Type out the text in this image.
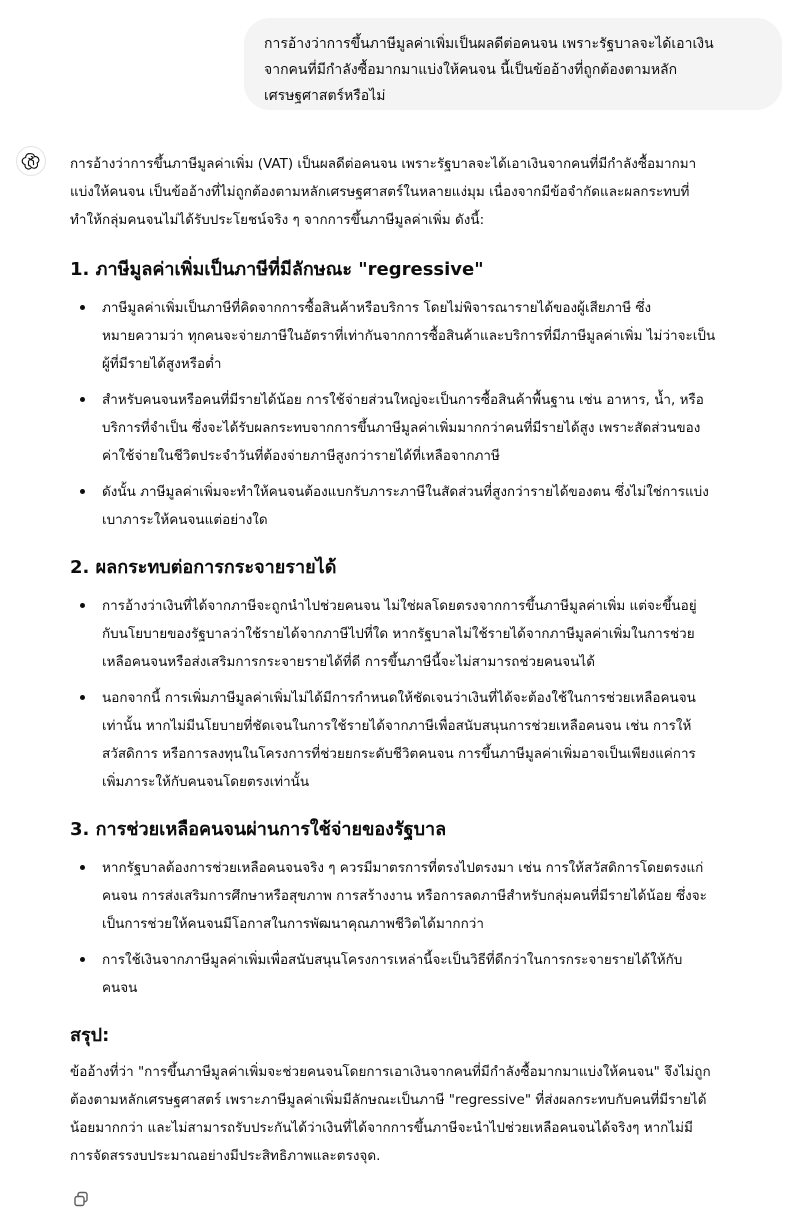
การอ้างว่าการขึ้นภาษีมูลค่าเพิ่มเป็นผลดีต่อคนจน เพราะรัฐบาลจะได้เอาเงิน

จากคนที่มีกำลังซื้อมากมาแบ่งให้คนจน นี้เป็นข้ออ้างที่ถูกต้องตามหลัก

เศรษฐศาสตร์หรือไม่

การอ้างว่าการขึ้นภาษีมูลค่าเพิ่ม (VAT) เป็นผลดีต่อคนจน เพราะรัฐบาลจะได้เอาเงินจากคนที่มีกำลังซื้อมากมา
แบ่งให้คนจน เป็นข้ออ้างที่ไม่ถูกต้องตามหลักเศรษฐศาสตร์ในหลายแง่มุม เนื่องจากมีข้อจำกัดและผลกระทบที่
ทำให้กลุ่มคนจนไม่ได้รับประโยชน์จริง ๆ จากการขึ้นภาษีมูลค่าเพิ่ม ดังนี้:

1. ภาษีมูลค่าเพิ่มเป็นภาษีที่มีลักษณะ "regressive"
ภาษีมูลค่าเพิ่มเป็นภาษีที่คิดจากการซื้อสินค้าหรือบริการ โดยไม่พิจารณารายได้ของผู้เสียภาษี ซึ่ง
หมายความว่า ทุกคนจะจ่ายภาษีในอัตราที่เท่ากันจากการซื้อสินค้าและบริการที่มีภาษีมูลค่าเพิ่ม ไม่ว่าจะเป็น
ผู้ที่มีรายได้สูงหรือต่ำ
สำหรับคนจนหรือคนที่มีรายได้น้อย การใช้จ่ายส่วนใหญ่จะเป็นการซื้อสินค้าพื้นฐาน เช่น อาหาร, น้ำ, หรือ
บริการที่จำเป็น ซึ่งจะได้รับผลกระทบจากการขึ้นภาษีมูลค่าเพิ่มมากกว่าคนที่มีรายได้สูง เพราะสัดส่วนของ
ค่าใช้จ่ายในชีวิตประจำวันที่ต้องจ่ายภาษีสูงกว่ารายได้ที่เหลือจากภาษี
ดังนั้น ภาษีมูลค่าเพิ่มจะทำให้คนจนต้องแบกรับภาระภาษีในสัดส่วนที่สูงกว่ารายได้ของตน ซึ่งไม่ใช่การแบ่ง
เบาภาระให้คนจนแต่อย่างใด
2. ผลกระทบต่อการกระจายรายได้
การอ้างว่าเงินที่ได้จากภาษีจะถูกนำไปช่วยคนจน ไม่ใช่ผลโดยตรงจากการขึ้นภาษีมูลค่าเพิ่ม แต่จะขึ้นอยู่
กับนโยบายของรัฐบาลว่าใช้รายได้จากภาษีไปที่ใด หากรัฐบาลไม่ใช้รายได้จากภาษีมูลค่าเพิ่มในการช่วย
เหลือคนจนหรือส่งเสริมการกระจายรายได้ที่ดี การขึ้นภาษีนี้จะไม่สามารถช่วยคนจนได้
นอกจากนี้ การเพิ่มภาษีมูลค่าเพิ่มไม่ได้มีการกำหนดให้ชัดเจนว่าเงินที่ได้จะต้องใช้ในการช่วยเหลือคนจน
เท่านั้น หากไม่มีนโยบายที่ชัดเจนในการใช้รายได้จากภาษีเพื่อสนับสนุนการช่วยเหลือคนจน เช่น การให้
สวัสดิการ หรือการลงทุนในโครงการที่ช่วยยกระดับชีวิตคนจน การขึ้นภาษีมูลค่าเพิ่มอาจเป็นเพียงแค่การ
เพิ่มภาระให้กับคนจนโดยตรงเท่านั้น
3. การช่วยเหลือคนจนผ่านการใช้จ่ายของรัฐบาล
หากรัฐบาลต้องการช่วยเหลือคนจนจริง ๆ ควรมีมาตรการที่ตรงไปตรงมา เช่น การให้สวัสดิการโดยตรงแก่
คนจน การส่งเสริมการศึกษาหรือสุขภาพ การสร้างงาน หรือการลดภาษีสำหรับกลุ่มคนที่มีรายได้น้อย ซึ่งจะ
เป็นการช่วยให้คนจนมีโอกาสในการพัฒนาคุณภาพชีวิตได้มากกว่า
การใช้เงินจากภาษีมูลค่าเพิ่มเพื่อสนับสนุนโครงการเหล่านี้จะเป็นวิธีที่ดีกว่าในการกระจายรายได้ให้กับ
คนจน
สรุป:

ข้ออ้างที่ว่า "การขึ้นภาษีมูลค่าเพิ่มจะช่วยคนจนโดยการเอาเงินจากคนที่มีกำลังซื้อมากมาแบ่งให้คนจน" จึงไม่ถูก
ต้องตามหลักเศรษฐศาสตร์ เพราะภาษีมูลค่าเพิ่มมีลักษณะเป็นภาษี "regressive" ที่ส่งผลกระทบกับคนที่มีรายได้
น้อยมากกว่า และไม่สามารถรับประกันได้ว่าเงินที่ได้จากการขึ้นภาษีจะนำไปช่วยเหลือคนจนได้จริงๆ หากไม่มี
การจัดสรรงบประมาณอย่างมีประสิทธิภาพและตรงจุด.
